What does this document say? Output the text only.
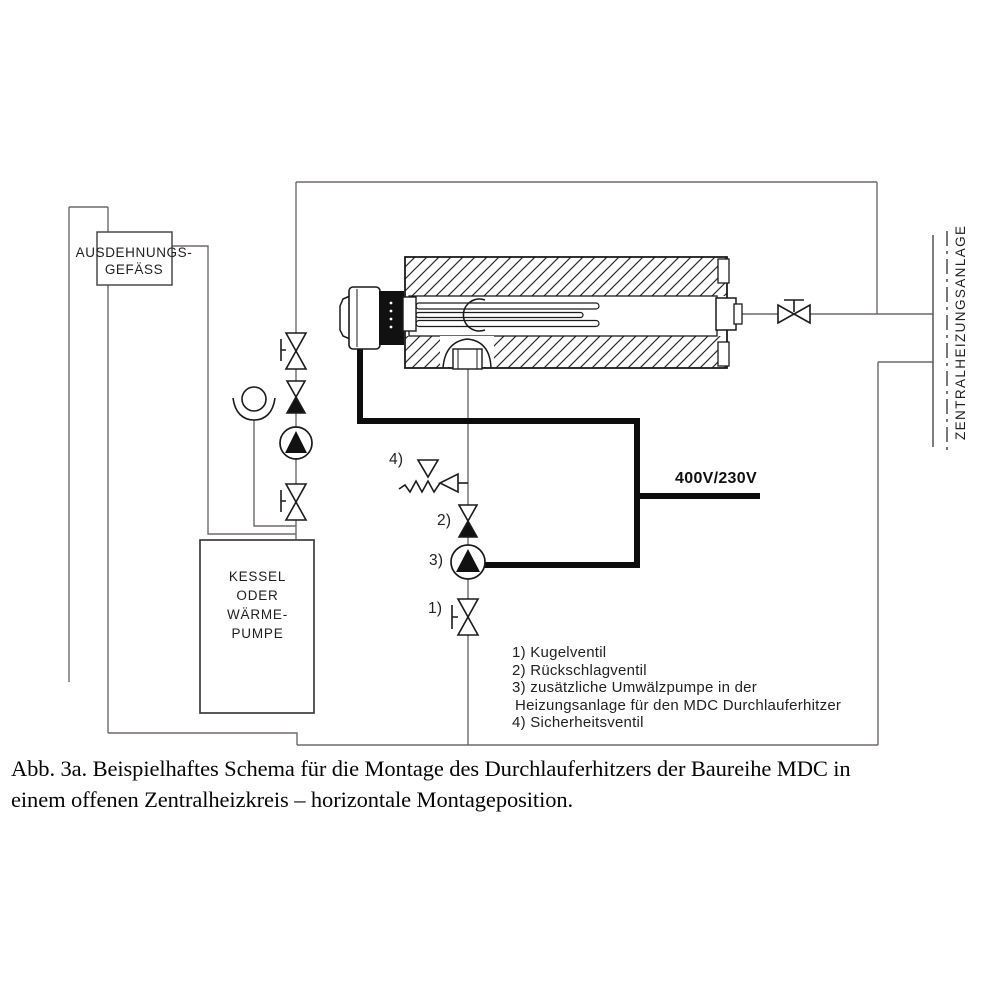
AUSDEHNUNGS-
GEFÄSS
KESSEL
ODER
WÄRME-
PUMPE
ZENTRALHEIZUNGSANLAGE
400V/230V
4)
2)
3)
1)
1) Kugelventil
2) Rückschlagventil
3) zusätzliche Umwälzpumpe in der
Heizungsanlage für den MDC Durchlauferhitzer
4) Sicherheitsventil
Abb. 3a. Beispielhaftes Schema für die Montage des Durchlauferhitzers der Baureihe MDC in
einem offenen Zentralheizkreis – horizontale Montageposition.
